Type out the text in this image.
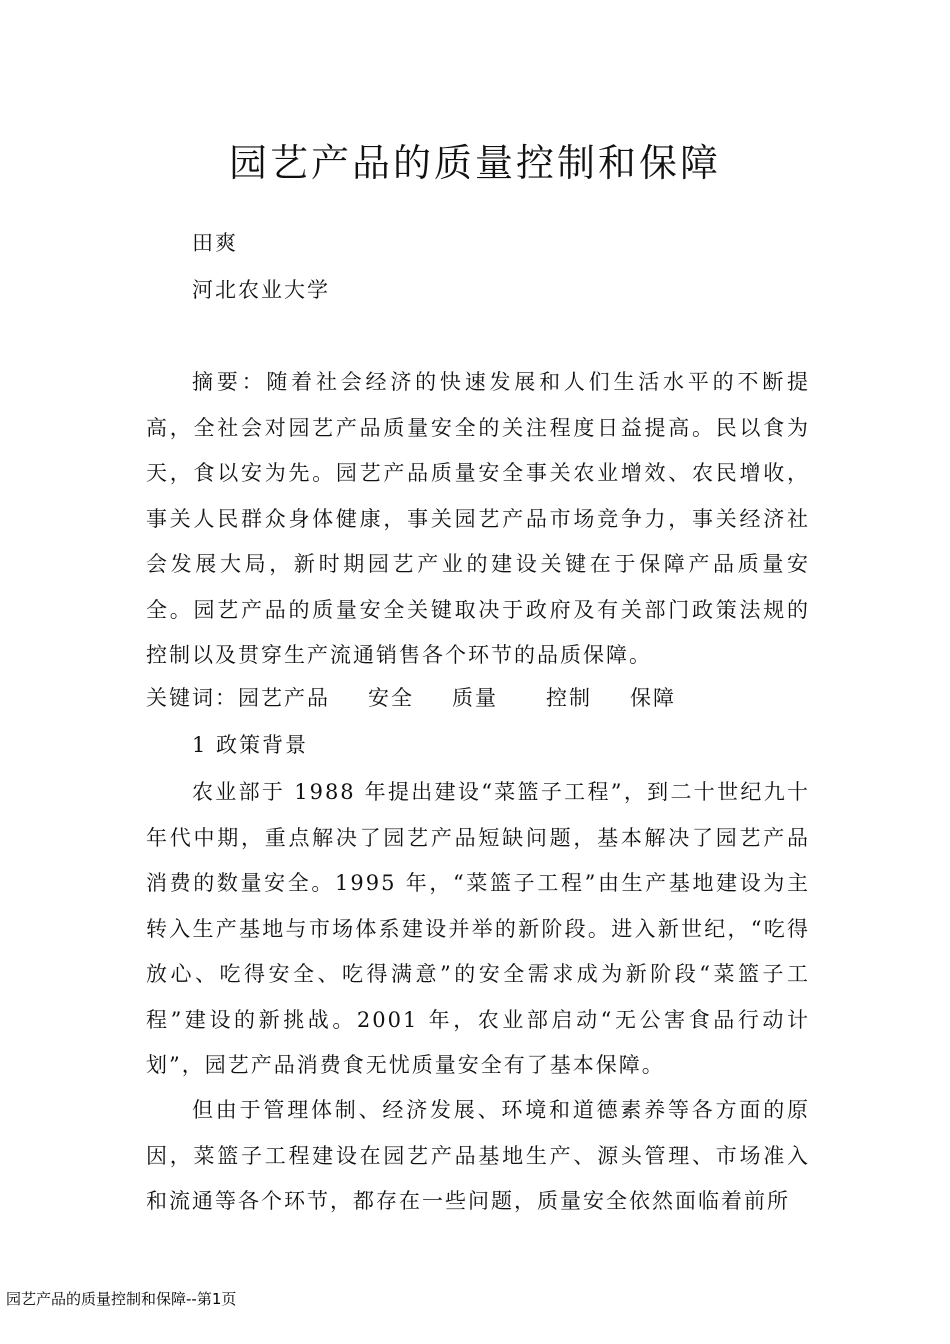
园艺产品的质量控制和保障
田爽
河北农业大学
摘要：随着社会经济的快速发展和人们生活水平的不断提高，全社会对园艺产品质量安全的关注程度日益提高。民以食为天，食以安为先。园艺产品质量安全事关农业增效、农民增收，事关人民群众身体健康，事关园艺产品市场竞争力，事关经济社会发展大局，新时期园艺产业的建设关键在于保障产品质量安全。园艺产品的质量安全关键取决于政府及有关部门政策法规的控制以及贯穿生产流通销售各个环节的品质保障。
关键词：园艺产品 安全 质量 控制 保障
1 政策背景
农业部于 1988 年提出建设“菜篮子工程”，到二十世纪九十年代中期，重点解决了园艺产品短缺问题，基本解决了园艺产品消费的数量安全。1995 年，“菜篮子工程”由生产基地建设为主转入生产基地与市场体系建设并举的新阶段。进入新世纪，“吃得放心、吃得安全、吃得满意”的安全需求成为新阶段“菜篮子工程”建设的新挑战。2001 年，农业部启动“无公害食品行动计划”，园艺产品消费食无忧质量安全有了基本保障。
但由于管理体制、经济发展、环境和道德素养等各方面的原因，菜篮子工程建设在园艺产品基地生产、源头管理、市场准入和流通等各个环节，都存在一些问题，质量安全依然面临着前所
园艺产品的质量控制和保障--第1页
